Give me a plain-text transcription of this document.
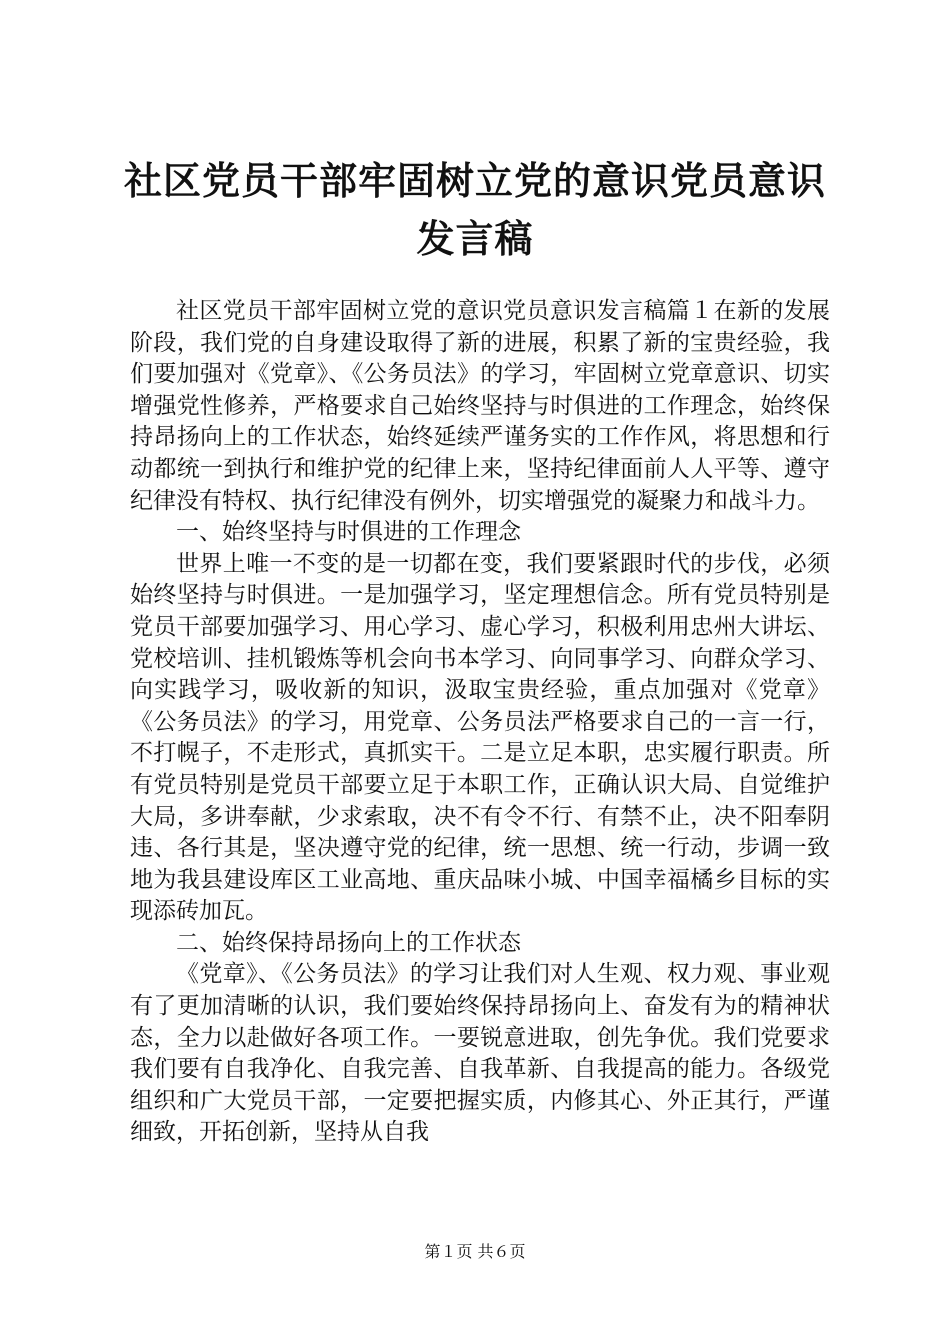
社区党员干部牢固树立党的意识党员意识发言稿

社区党员干部牢固树立党的意识党员意识发言稿篇１在新的发展阶段，我们党的自身建设取得了新的进展，积累了新的宝贵经验，我们要加强对《党章》、《公务员法》的学习，牢固树立党章意识、切实增强党性修养，严格要求自己始终坚持与时俱进的工作理念，始终保持昂扬向上的工作状态，始终延续严谨务实的工作作风，将思想和行动都统一到执行和维护党的纪律上来，坚持纪律面前人人平等、遵守纪律没有特权、执行纪律没有例外，切实增强党的凝聚力和战斗力。

一、始终坚持与时俱进的工作理念

世界上唯一不变的是一切都在变，我们要紧跟时代的步伐，必须始终坚持与时俱进。一是加强学习，坚定理想信念。所有党员特别是党员干部要加强学习、用心学习、虚心学习，积极利用忠州大讲坛、党校培训、挂机锻炼等机会向书本学习、向同事学习、向群众学习、向实践学习，吸收新的知识，汲取宝贵经验，重点加强对《党章》《公务员法》的学习，用党章、公务员法严格要求自己的一言一行，不打幌子，不走形式，真抓实干。二是立足本职，忠实履行职责。所有党员特别是党员干部要立足于本职工作，正确认识大局、自觉维护大局，多讲奉献，少求索取，决不有令不行、有禁不止，决不阳奉阴违、各行其是，坚决遵守党的纪律，统一思想、统一行动，步调一致地为我县建设库区工业高地、重庆品味小城、中国幸福橘乡目标的实现添砖加瓦。

二、始终保持昂扬向上的工作状态

《党章》、《公务员法》的学习让我们对人生观、权力观、事业观有了更加清晰的认识，我们要始终保持昂扬向上、奋发有为的精神状态，全力以赴做好各项工作。一要锐意进取，创先争优。我们党要求我们要有自我净化、自我完善、自我革新、自我提高的能力。各级党组织和广大党员干部，一定要把握实质，内修其心、外正其行，严谨细致，开拓创新，坚持从自我

第１页 共６页
